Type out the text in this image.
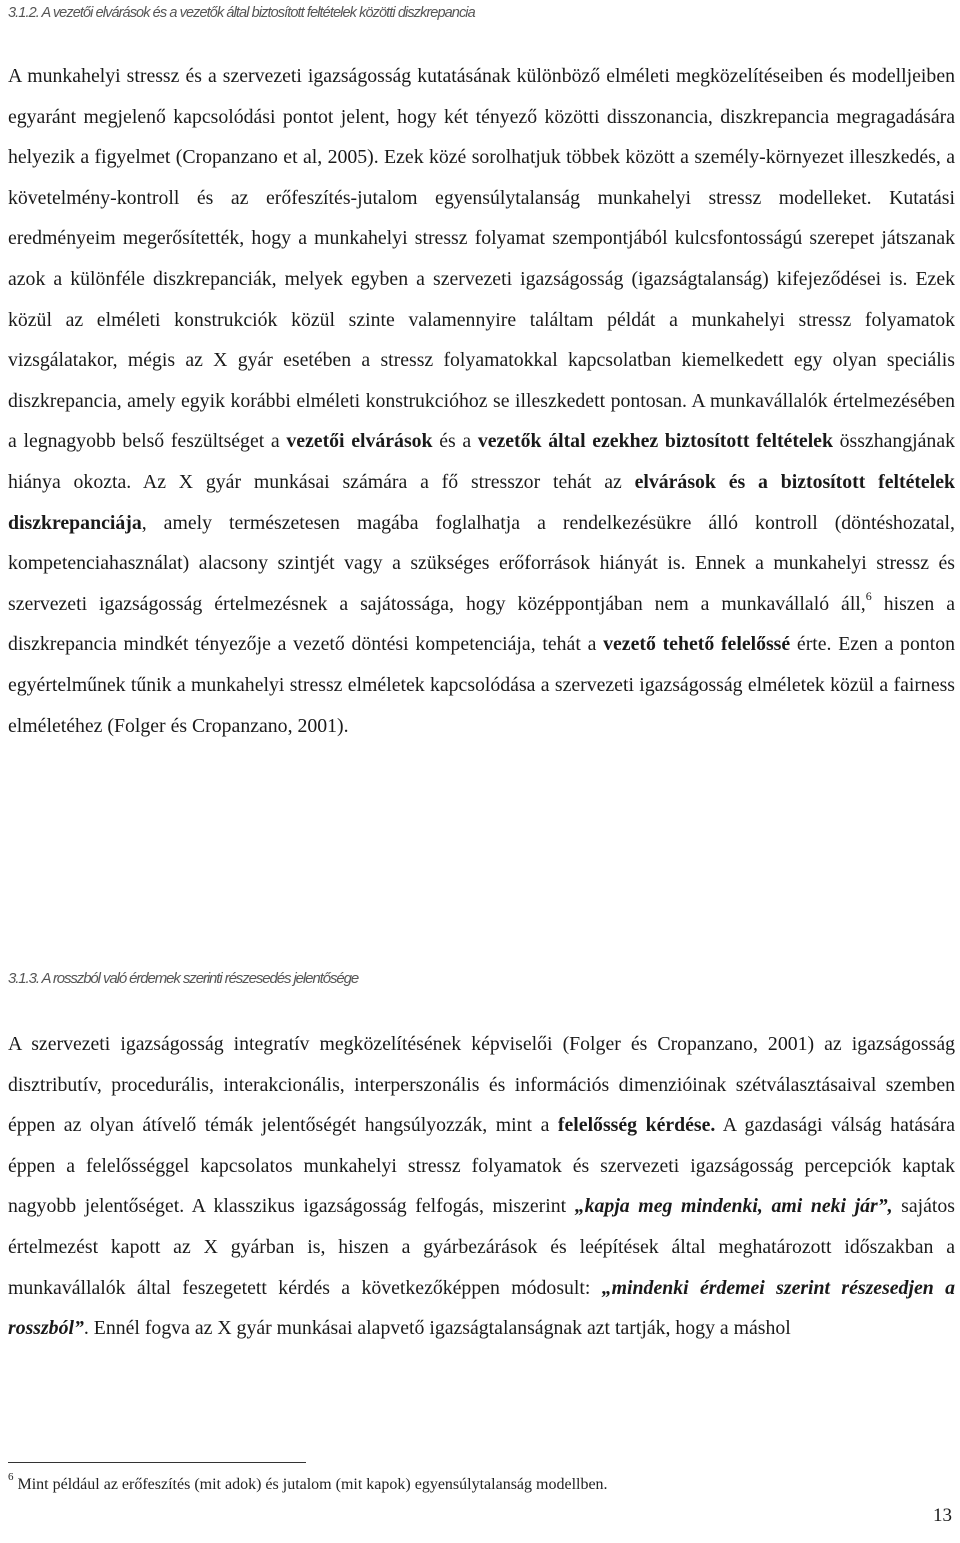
3.1.2. A vezetői elvárások és a vezetők által biztosított feltételek közötti diszkrepancia
A munkahelyi stressz és a szervezeti igazságosság kutatásának különböző elméleti megközelítéseiben és modelljeiben egyaránt megjelenő kapcsolódási pontot jelent, hogy két tényező közötti disszonancia, diszkrepancia megragadására helyezik a figyelmet (Cropanzano et al, 2005). Ezek közé sorolhatjuk többek között a személy-környezet illeszkedés, a követelmény-kontroll és az erőfeszítés-jutalom egyensúlytalanság munkahelyi stressz modelleket. Kutatási eredményeim megerősítették, hogy a munkahelyi stressz folyamat szempontjából kulcsfontosságú szerepet játszanak azok a különféle diszkrepanciák, melyek egyben a szervezeti igazságosság (igazságtalanság) kifejeződései is. Ezek közül az elméleti konstrukciók közül szinte valamennyire találtam példát a munkahelyi stressz folyamatok vizsgálatakor, mégis az X gyár esetében a stressz folyamatokkal kapcsolatban kiemelkedett egy olyan speciális diszkrepancia, amely egyik korábbi elméleti konstrukcióhoz se illeszkedett pontosan. A munkavállalók értelmezésében a legnagyobb belső feszültséget a vezetői elvárások és a vezetők által ezekhez biztosított feltételek összhangjának hiánya okozta. Az X gyár munkásai számára a fő stresszor tehát az elvárások és a biztosított feltételek diszkrepanciája, amely természetesen magába foglalhatja a rendelkezésükre álló kontroll (döntéshozatal, kompetenciahasználat) alacsony szintjét vagy a szükséges erőforrások hiányát is. Ennek a munkahelyi stressz és szervezeti igazságosság értelmezésnek a sajátossága, hogy középpontjában nem a munkavállaló áll,$^6$ hiszen a diszkrepancia mindkét tényezője a vezető döntési kompetenciája, tehát a vezető tehető felelőssé érte. Ezen a ponton egyértelműnek tűnik a munkahelyi stressz elméletek kapcsolódása a szervezeti igazságosság elméletek közül a fairness elméletéhez (Folger és Cropanzano, 2001).
3.1.3. A rosszból való érdemek szerinti részesedés jelentősége
A szervezeti igazságosság integratív megközelítésének képviselői (Folger és Cropanzano, 2001) az igazságosság disztributív, procedurális, interakcionális, interperszonális és információs dimenzióinak szétválasztásaival szemben éppen az olyan átívelő témák jelentőségét hangsúlyozzák, mint a felelősség kérdése. A gazdasági válság hatására éppen a felelősséggel kapcsolatos munkahelyi stressz folyamatok és szervezeti igazságosság percepciók kaptak nagyobb jelentőséget. A klasszikus igazságosság felfogás, miszerint „kapja meg mindenki, ami neki jár”, sajátos értelmezést kapott az X gyárban is, hiszen a gyárbezárások és leépítések által meghatározott időszakban a munkavállalók által feszegetett kérdés a következőképpen módosult: „mindenki érdemei szerint részesedjen a rosszból”. Ennél fogva az X gyár munkásai alapvető igazságtalanságnak azt tartják, hogy a máshol
$^6$ Mint például az erőfeszítés (mit adok) és jutalom (mit kapok) egyensúlytalanság modellben.
13
